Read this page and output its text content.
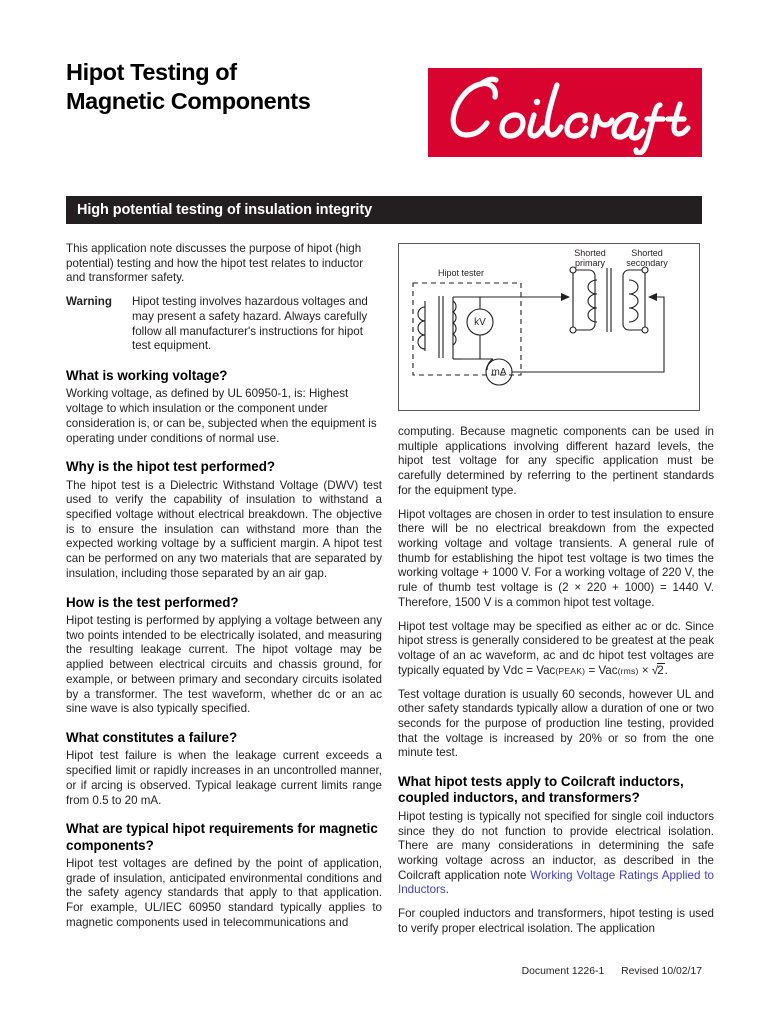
Hipot Testing of
Magnetic Components
High potential testing of insulation integrity
Hipot tester
kV
mA
Shorted
primary
Shorted
secondary

This application note discusses the purpose of hipot (high potential) testing and how the hipot test relates to inductor and transformer safety.

Warning	Hipot testing involves hazardous voltages and may present a safety hazard. Always carefully follow all manufacturer's instructions for hipot test equipment.
What is working voltage?

Working voltage, as defined by UL 60950-1, is: Highest voltage to which insulation or the component under consideration is, or can be, subjected when the equipment is operating under conditions of normal use.

Why is the hipot test performed?

The hipot test is a Dielectric Withstand Voltage (DWV) test used to verify the capability of insulation to withstand a specified voltage without electrical breakdown. The objective is to ensure the insulation can withstand more than the expected working voltage by a sufficient margin. A hipot test can be performed on any two materials that are separated by insulation, including those separated by an air gap.

How is the test performed?

Hipot testing is performed by applying a voltage between any two points intended to be electrically isolated, and measuring the resulting leakage current. The hipot voltage may be applied between electrical circuits and chassis ground, for example, or between primary and secondary circuits isolated by a transformer. The test waveform, whether dc or an ac sine wave is also typically specified.

What constitutes a failure?

Hipot test failure is when the leakage current exceeds a specified limit or rapidly increases in an uncontrolled manner, or if arcing is observed. Typical leakage current limits range from 0.5 to 20 mA.

What are typical hipot requirements for magnetic components?

Hipot test voltages are defined by the point of application, grade of insulation, anticipated environmental conditions and the safety agency standards that apply to that application. For example, UL/IEC 60950 standard typically applies to magnetic components used in telecommunications and

computing. Because magnetic components can be used in multiple applications involving different hazard levels, the hipot test voltage for any specific application must be carefully determined by referring to the pertinent standards for the equipment type.

Hipot voltages are chosen in order to test insulation to ensure there will be no electrical breakdown from the expected working voltage and voltage transients. A general rule of thumb for establishing the hipot test voltage is two times the working voltage + 1000 V. For a working voltage of 220 V, the rule of thumb test voltage is (2 × 220 + 1000) = 1440 V. Therefore, 1500 V is a common hipot test voltage.

Hipot test voltage may be specified as either ac or dc. Since hipot stress is generally considered to be greatest at the peak voltage of an ac waveform, ac and dc hipot test voltages are typically equated by Vdc = Vac(PEAK) = Vac(rms) × √2.

Test voltage duration is usually 60 seconds, however UL and other safety standards typically allow a duration of one or two seconds for the purpose of production line testing, provided that the voltage is increased by 20% or so from the one minute test.

What hipot tests apply to Coilcraft inductors, coupled inductors, and transformers?

Hipot testing is typically not specified for single coil inductors since they do not function to provide electrical isolation. There are many considerations in determining the safe working voltage across an inductor, as described in the Coilcraft application note Working Voltage Ratings Applied to Inductors.

For coupled inductors and transformers, hipot testing is used to verify proper electrical isolation. The application

Document 1226-1 Revised 10/02/17
